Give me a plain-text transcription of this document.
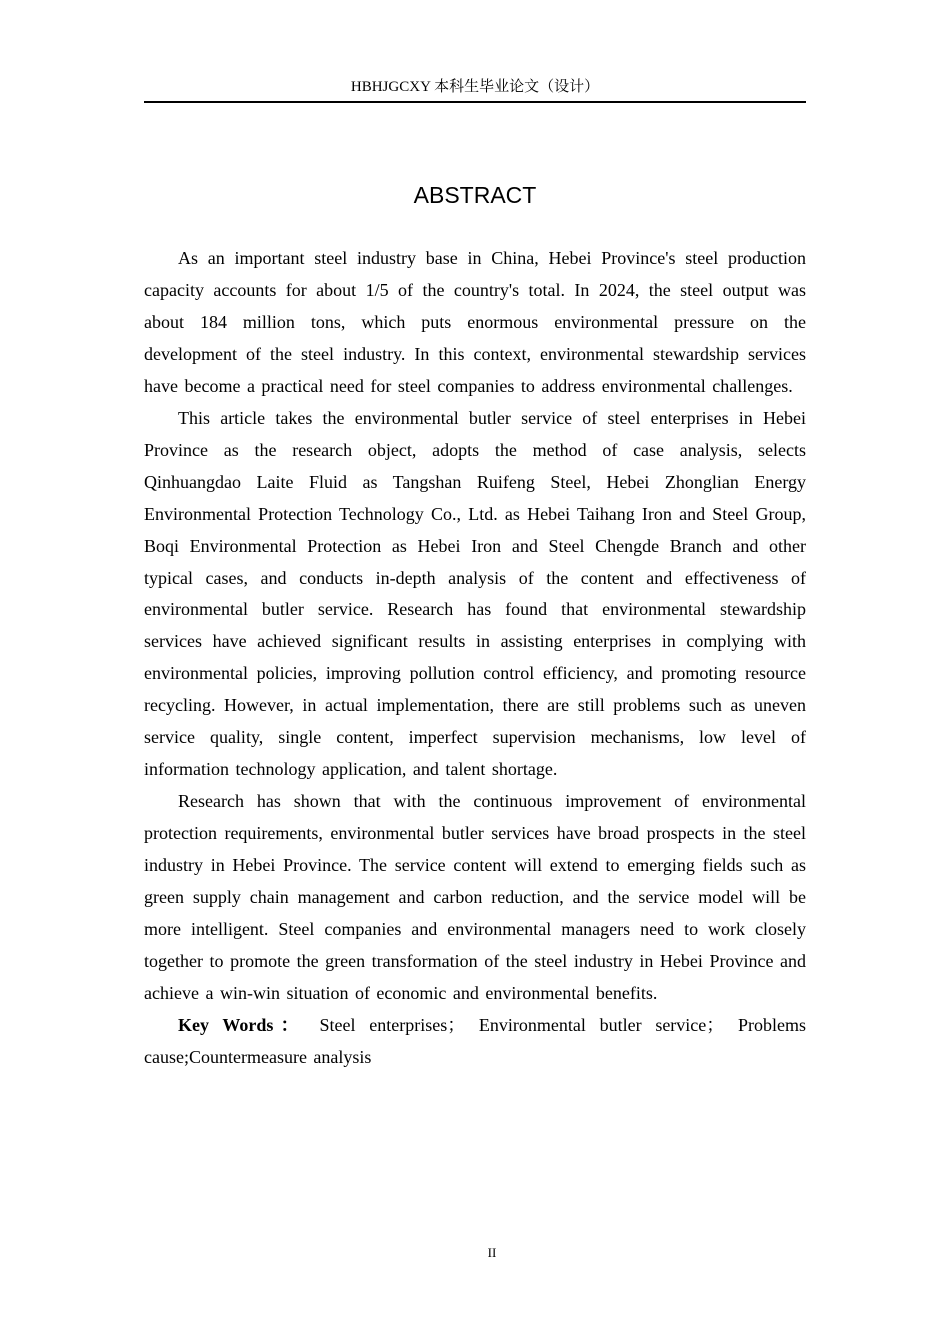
HBHJGCXY 本科生毕业论文（设计）
ABSTRACT

As an important steel industry base in China, Hebei Province's steel production capacity accounts for about 1/5 of the country's total. In 2024, the steel output was about 184 million tons, which puts enormous environmental pressure on the development of the steel industry. In this context, environmental stewardship services have become a practical need for steel companies to address environmental challenges.

This article takes the environmental butler service of steel enterprises in Hebei Province as the research object, adopts the method of case analysis, selects Qinhuangdao Laite Fluid as Tangshan Ruifeng Steel, Hebei Zhonglian Energy Environmental Protection Technology Co., Ltd. as Hebei Taihang Iron and Steel Group, Boqi Environmental Protection as Hebei Iron and Steel Chengde Branch and other typical cases, and conducts in-depth analysis of the content and effectiveness of environmental butler service. Research has found that environmental stewardship services have achieved significant results in assisting enterprises in complying with environmental policies, improving pollution control efficiency, and promoting resource recycling. However, in actual implementation, there are still problems such as uneven service quality, single content, imperfect supervision mechanisms, low level of information technology application, and talent shortage.

Research has shown that with the continuous improvement of environmental protection requirements, environmental butler services have broad prospects in the steel industry in Hebei Province. The service content will extend to emerging fields such as green supply chain management and carbon reduction, and the service model will be more intelligent. Steel companies and environmental managers need to work closely together to promote the green transformation of the steel industry in Hebei Province and achieve a win-win situation of economic and environmental benefits.

Key Words： Steel enterprises； Environmental butler service； Problems cause;Countermeasure analysis

II
